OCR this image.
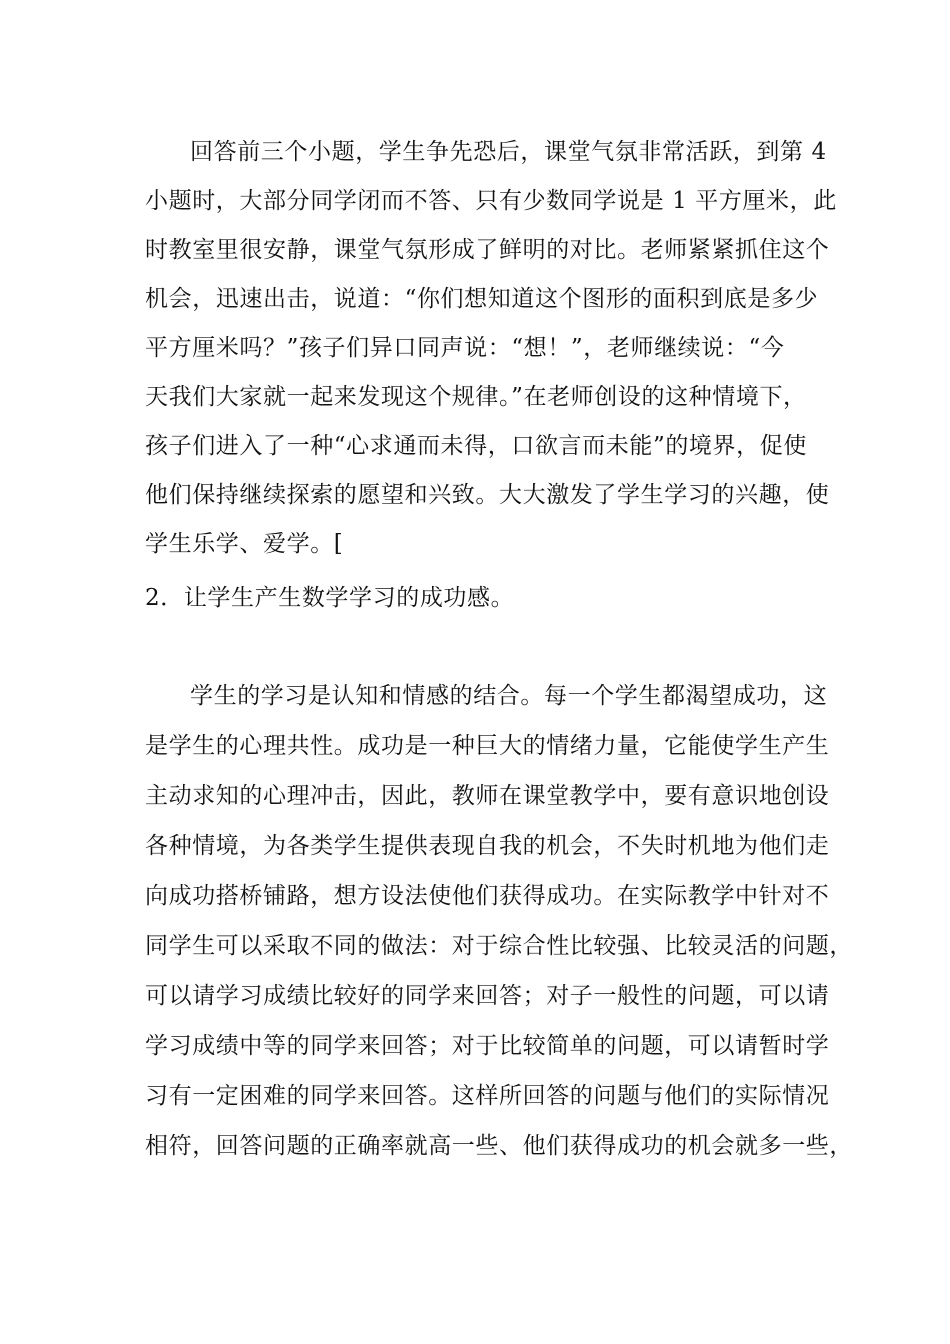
回答前三个小题，学生争先恐后，课堂气氛非常活跃，到第 4
小题时，大部分同学闭而不答、只有少数同学说是 1 平方厘米，此
时教室里很安静，课堂气氛形成了鲜明的对比。老师紧紧抓住这个
机会，迅速出击，说道：“你们想知道这个图形的面积到底是多少
平方厘米吗？”孩子们异口同声说：“想！”，老师继续说：“今
天我们大家就一起来发现这个规律。”在老师创设的这种情境下，
孩子们进入了一种“心求通而未得，口欲言而未能”的境界，促使
他们保持继续探索的愿望和兴致。大大激发了学生学习的兴趣，使
学生乐学、爱学。[
2．让学生产生数学学习的成功感。
学生的学习是认知和情感的结合。每一个学生都渴望成功，这
是学生的心理共性。成功是一种巨大的情绪力量，它能使学生产生
主动求知的心理冲击，因此，教师在课堂教学中，要有意识地创设
各种情境，为各类学生提供表现自我的机会，不失时机地为他们走
向成功搭桥铺路，想方设法使他们获得成功。在实际教学中针对不
同学生可以采取不同的做法：对于综合性比较强、比较灵活的问题，
可以请学习成绩比较好的同学来回答；对子一般性的问题，可以请
学习成绩中等的同学来回答；对于比较简单的问题，可以请暂时学
习有一定困难的同学来回答。这样所回答的问题与他们的实际情况
相符，回答问题的正确率就高一些、他们获得成功的机会就多一些，
